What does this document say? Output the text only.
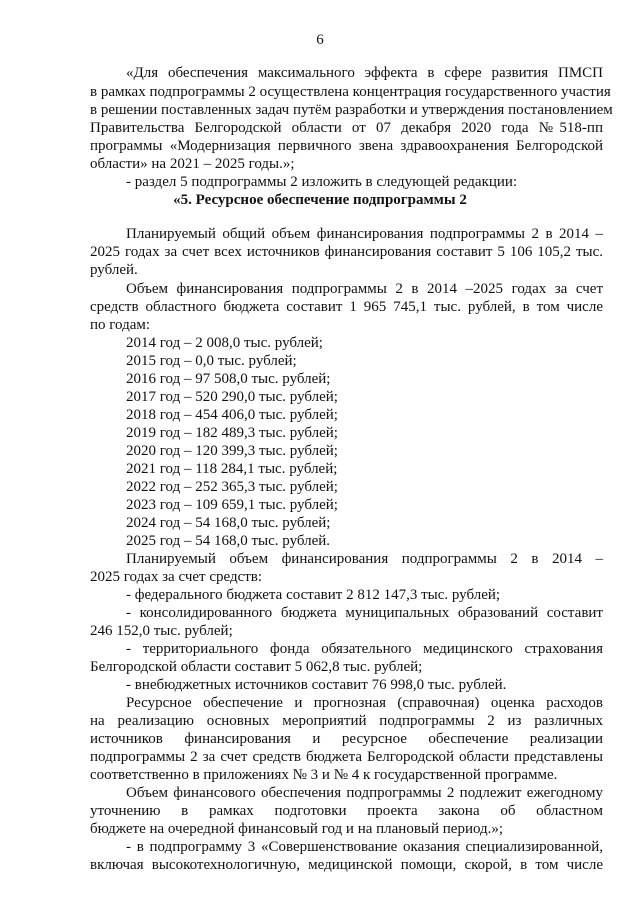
6
«Для обеспечения максимального эффекта в сфере развития ПМСП
в рамках подпрограммы 2 осуществлена концентрация государственного участия
в решении поставленных задач путём разработки и утверждения постановлением
Правительства Белгородской области от 07 декабря 2020 года №518-пп
программы «Модернизация первичного звена здравоохранения Белгородской
области» на 2021 – 2025 годы.»;
- раздел 5 подпрограммы 2 изложить в следующей редакции:
«5. Ресурсное обеспечение подпрограммы 2
Планируемый общий объем финансирования подпрограммы 2 в 2014 –
2025 годах за счет всех источников финансирования составит 5 106 105,2 тыс.
рублей.
Объем финансирования подпрограммы 2 в 2014 –2025 годах за счет
средств областного бюджета составит 1 965 745,1 тыс. рублей, в том числе
по годам:
2014 год – 2 008,0 тыс. рублей;
2015 год – 0,0 тыс. рублей;
2016 год – 97 508,0 тыс. рублей;
2017 год – 520 290,0 тыс. рублей;
2018 год – 454 406,0 тыс. рублей;
2019 год – 182 489,3 тыс. рублей;
2020 год – 120 399,3 тыс. рублей;
2021 год – 118 284,1 тыс. рублей;
2022 год – 252 365,3 тыс. рублей;
2023 год – 109 659,1 тыс. рублей;
2024 год – 54 168,0 тыс. рублей;
2025 год – 54 168,0 тыс. рублей.
Планируемый объем финансирования подпрограммы 2 в 2014 –
2025 годах за счет средств:
- федерального бюджета составит 2 812 147,3 тыс. рублей;
- консолидированного бюджета муниципальных образований составит
246 152,0 тыс. рублей;
- территориального фонда обязательного медицинского страхования
Белгородской области составит 5 062,8 тыс. рублей;
- внебюджетных источников составит 76 998,0 тыс. рублей.
Ресурсное обеспечение и прогнозная (справочная) оценка расходов
на реализацию основных мероприятий подпрограммы 2 из различных
источников финансирования и ресурсное обеспечение реализации
подпрограммы 2 за счет средств бюджета Белгородской области представлены
соответственно в приложениях № 3 и № 4 к государственной программе.
Объем финансового обеспечения подпрограммы 2 подлежит ежегодному
уточнению в рамках подготовки проекта закона об областном
бюджете на очередной финансовый год и на плановый период.»;
- в подпрограмму 3 «Совершенствование оказания специализированной,
включая высокотехнологичную, медицинской помощи, скорой, в том числе
